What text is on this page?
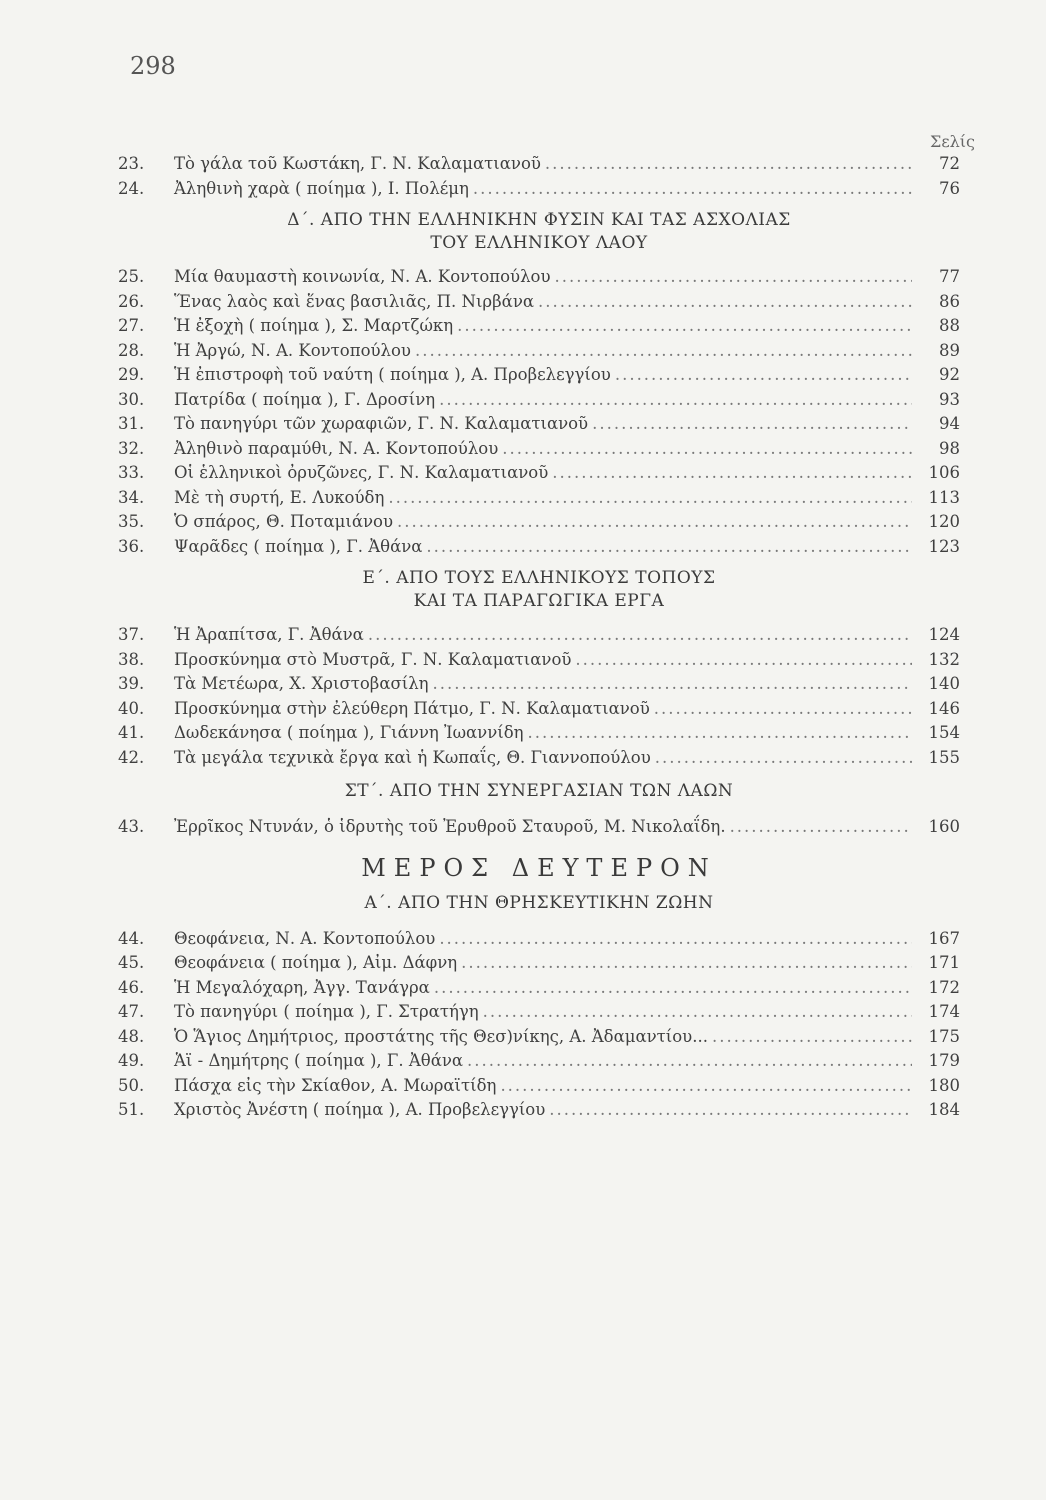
298
Σελίς
23.	Τὸ γάλα τοῦ Κωστάκη, Γ. Ν. Καλαματιανοῦ .....	72
24.	Ἀληθινὴ χαρὰ ( ποίημα ), Ι. Πολέμη .....	76
Δ΄. ΑΠΟ ΤΗΝ ΕΛΛΗΝΙΚΗΝ ΦΥΣΙΝ ΚΑΙ ΤΑΣ ΑΣΧΟΛΙΑΣ
ΤΟΥ ΕΛΛΗΝΙΚΟΥ ΛΑΟΥ
25.	Μία θαυμαστὴ κοινωνία, Ν. Α. Κοντοπούλου .....	77
26.	Ἕνας λαὸς καὶ ἕνας βασιλιᾶς, Π. Νιρβάνα .....	86
27.	Ἡ ἐξοχὴ ( ποίημα ), Σ. Μαρτζώκη .....	88
28.	Ἡ Ἀργώ, Ν. Α. Κοντοπούλου .....	89
29.	Ἡ ἐπιστροφὴ τοῦ ναύτη ( ποίημα ), Α. Προβελεγγίου .....	92
30.	Πατρίδα ( ποίημα ), Γ. Δροσίνη .....	93
31.	Τὸ πανηγύρι τῶν χωραφιῶν, Γ. Ν. Καλαματιανοῦ .....	94
32.	Ἀληθινὸ παραμύθι, Ν. Α. Κοντοπούλου .....	98
33.	Οἱ ἑλληνικοὶ ὀρυζῶνες, Γ. Ν. Καλαματιανοῦ .....	106
34.	Μὲ τὴ συρτή, Ε. Λυκούδη .....	113
35.	Ὁ σπάρος, Θ. Ποταμιάνου .....	120
36.	Ψαρᾶδες ( ποίημα ), Γ. Ἀθάνα .....	123
Ε΄. ΑΠΟ ΤΟΥΣ ΕΛΛΗΝΙΚΟΥΣ ΤΟΠΟΥΣ
ΚΑΙ ΤΑ ΠΑΡΑΓΩΓΙΚΑ ΕΡΓΑ
37.	Ἡ Ἀραπίτσα, Γ. Ἀθάνα .....	124
38.	Προσκύνημα στὸ Μυστρᾶ, Γ. Ν. Καλαματιανοῦ .....	132
39.	Τὰ Μετέωρα, Χ. Χριστοβασίλη .....	140
40.	Προσκύνημα στὴν ἐλεύθερη Πάτμο, Γ. Ν. Καλαματιανοῦ .....	146
41.	Δωδεκάνησα ( ποίημα ), Γιάννη Ἰωαννίδη .....	154
42.	Τὰ μεγάλα τεχνικὰ ἔργα καὶ ἡ Κωπαΐς, Θ. Γιαννοπούλου .....	155
ΣΤ΄. ΑΠΟ ΤΗΝ ΣΥΝΕΡΓΑΣΙΑΝ ΤΩΝ ΛΑΩΝ
43.	Ἐρρῖκος Ντυνάν, ὁ ἱδρυτὴς τοῦ Ἐρυθροῦ Σταυροῦ, Μ. Νικολαΐδη. .....	160
ΜΕΡΟΣ ΔΕΥΤΕΡΟΝ
Α΄. ΑΠΟ ΤΗΝ ΘΡΗΣΚΕΥΤΙΚΗΝ ΖΩΗΝ
44.	Θεοφάνεια, Ν. Α. Κοντοπούλου .....	167
45.	Θεοφάνεια ( ποίημα ), Αἰμ. Δάφνη .....	171
46.	Ἡ Μεγαλόχαρη, Ἀγγ. Τανάγρα .....	172
47.	Τὸ πανηγύρι ( ποίημα ), Γ. Στρατήγη .....	174
48.	Ὁ Ἅγιος Δημήτριος, προστάτης τῆς Θεσ)νίκης, Α. Ἀδαμαντίου... .....	175
49.	Ἁϊ - Δημήτρης ( ποίημα ), Γ. Ἀθάνα .....	179
50.	Πάσχα εἰς τὴν Σκίαθον, Α. Μωραϊτίδη .....	180
51.	Χριστὸς Ἀνέστη ( ποίημα ), Α. Προβελεγγίου .....	184
